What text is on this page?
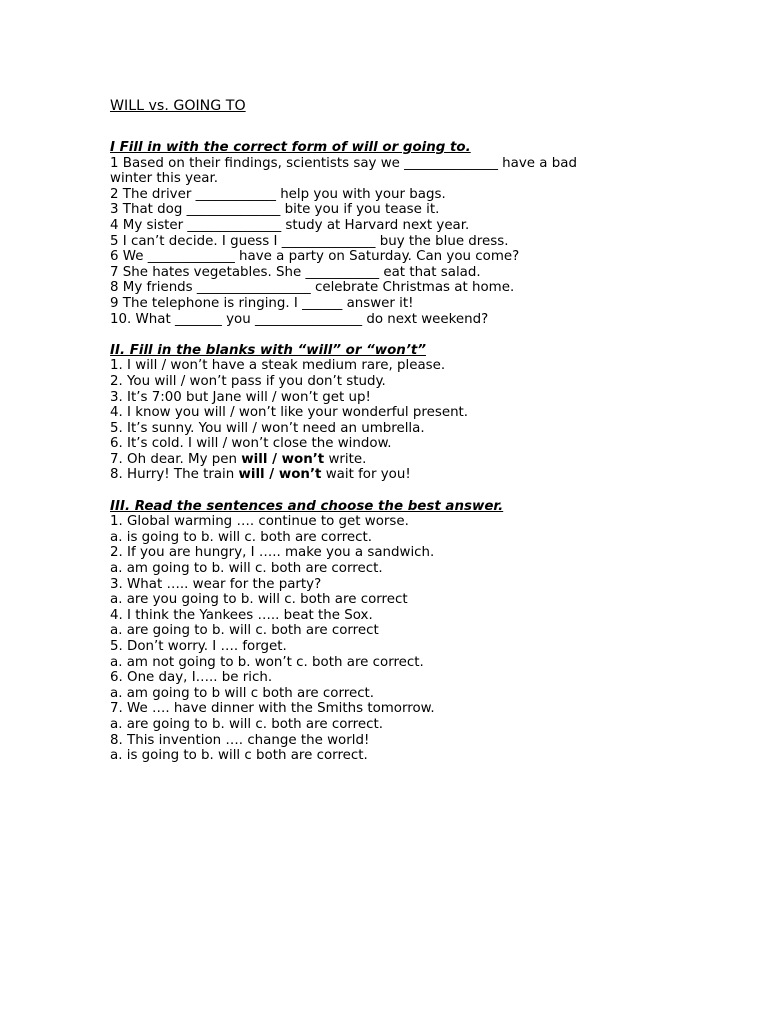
WILL vs. GOING TO

I Fill in with the correct form of will or going to.

1 Based on their findings, scientists say we ______________ have a bad

winter this year.

2 The driver ____________ help you with your bags.

3 That dog ______________ bite you if you tease it.

4 My sister ______________ study at Harvard next year.

5 I can’t decide. I guess I ______________ buy the blue dress.

6 We _____________ have a party on Saturday. Can you come?

7 She hates vegetables. She ___________ eat that salad.

8 My friends _________________ celebrate Christmas at home.

9 The telephone is ringing. I ______ answer it!

10. What _______ you ________________ do next weekend?

II. Fill in the blanks with “will” or “won’t”

1. I will / won’t have a steak medium rare, please.

2. You will / won’t pass if you don’t study.

3. It’s 7:00 but Jane will / won’t get up!

4. I know you will / won’t like your wonderful present.

5. It’s sunny. You will / won’t need an umbrella.

6. It’s cold. I will / won’t close the window.

7. Oh dear. My pen will / won’t write.

8. Hurry! The train will / won’t wait for you!

III. Read the sentences and choose the best answer.

1. Global warming …. continue to get worse.

a. is going to b. will c. both are correct.

2. If you are hungry, I ….. make you a sandwich.

a. am going to b. will c. both are correct.

3. What ….. wear for the party?

a. are you going to b. will c. both are correct

4. I think the Yankees ….. beat the Sox.

a. are going to b. will c. both are correct

5. Don’t worry. I …. forget.

a. am not going to b. won’t c. both are correct.

6. One day, I….. be rich.

a. am going to b will c both are correct.

7. We …. have dinner with the Smiths tomorrow.

a. are going to b. will c. both are correct.

8. This invention …. change the world!

a. is going to b. will c both are correct.
